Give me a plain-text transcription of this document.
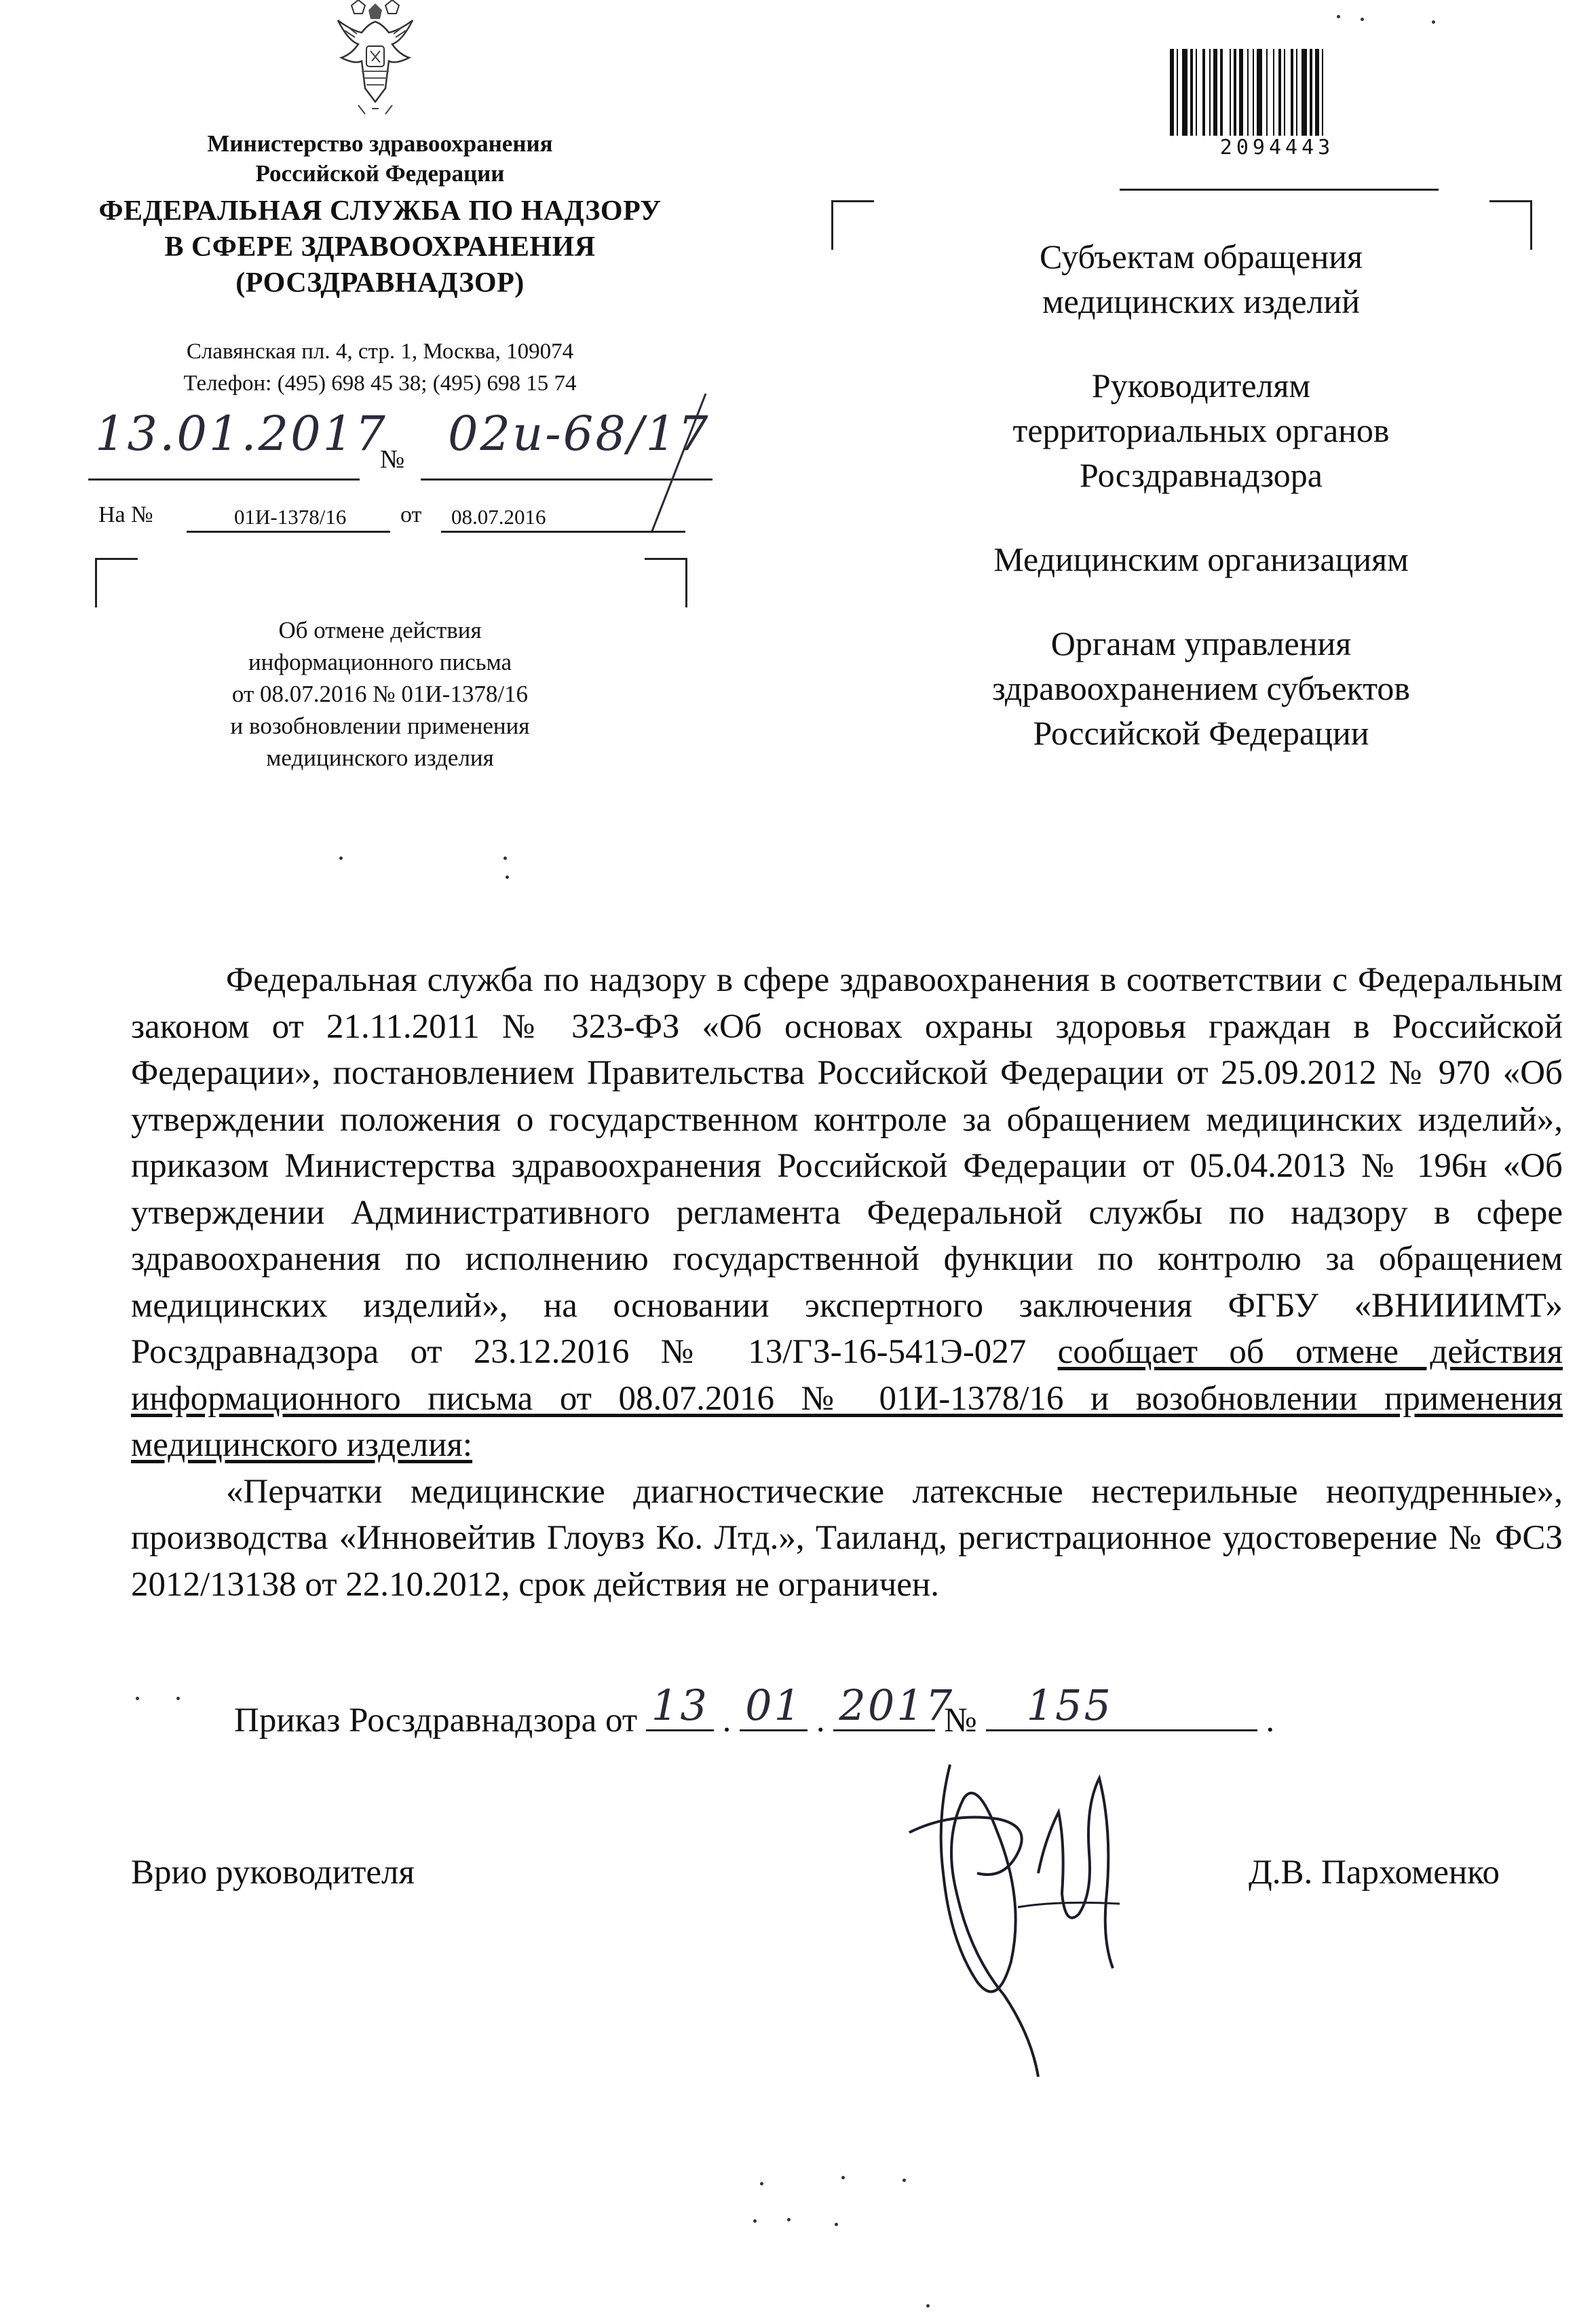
Министерство здравоохранения
Российской Федерации
ФЕДЕРАЛЬНАЯ СЛУЖБА ПО НАДЗОРУ
В СФЕРЕ ЗДРАВООХРАНЕНИЯ
(РОСЗДРАВНАДЗОР)
Славянская пл. 4, стр. 1, Москва, 109074
Телефон: (495) 698 45 38; (495) 698 15 74
13.01.2017
№ 02и-68/17
На №	01И-1378/16 от 08.07.2016
Об отмене действия
информационного письма
от 08.07.2016 № 01И-1378/16
и возобновлении применения
медицинского изделия
2094443
Субъектам обращения
медицинских изделий
Руководителям
территориальных органов
Росздравнадзора
Медицинским организациям
Органам управления
здравоохранением субъектов
Российской Федерации

Федеральная служба по надзору в сфере здравоохранения в соответствии с Федеральным законом от 21.11.2011 № 323-ФЗ «Об основах охраны здоровья граждан в Российской Федерации», постановлением Правительства Российской Федерации от 25.09.2012 № 970 «Об утверждении положения о государственном контроле за обращением медицинских изделий», приказом Министерства здравоохранения Российской Федерации от 05.04.2013 № 196н «Об утверждении Административного регламента Федеральной службы по надзору в сфере здравоохранения по исполнению государственной функции по контролю за обращением медицинских изделий», на основании экспертного заключения ФГБУ «ВНИИИМТ» Росздравнадзора от 23.12.2016 № 13/ГЗ-16-541Э-027 сообщает об отмене действия информационного письма от 08.07.2016 № 01И-1378/16 и возобновлении применения медицинского изделия:

«Перчатки медицинские диагностические латексные нестерильные неопудренные», производства «Инновейтив Глоувз Ко. Лтд.», Таиланд, регистрационное удостоверение № ФСЗ 2012/13138 от 22.10.2012, срок действия не ограничен.

Приказ Росздравнадзора от 13 . 01 . 2017
№ 155	.
Врио руководителя	Д.В. Пархоменко
